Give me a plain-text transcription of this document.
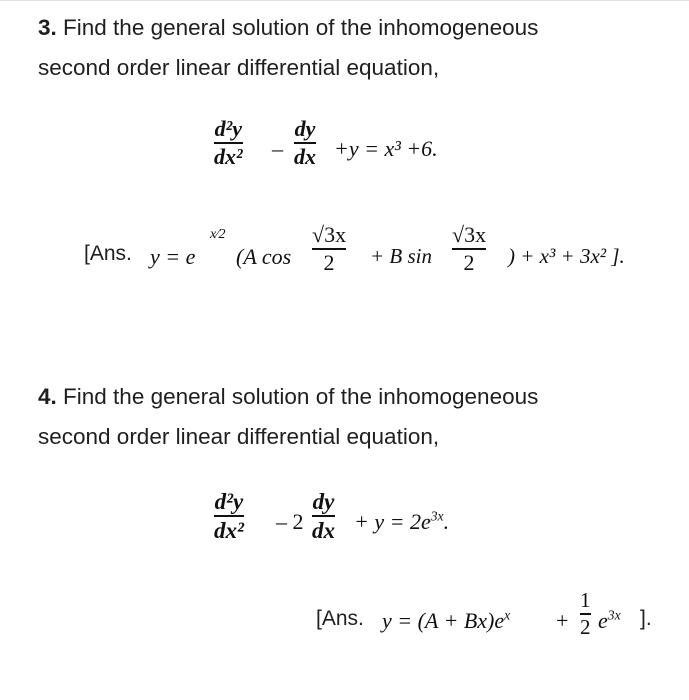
3. Find the general solution of the inhomogeneous
second order linear differential equation,
d²y
dx² –
dy
dx +y = x³ +6.
[Ans. y = e
x⁄2
(A cos
√3x
2 + B sin
√3x
2 ) + x³ + 3x² ].
4. Find the general solution of the inhomogeneous
second order linear differential equation,
d²y
dx² – 2
dy
dx + $y = 2e^{3x}$.
[Ans. $y = (A + Bx)e^x$ +
1
2 $e^{3x}$ ].
